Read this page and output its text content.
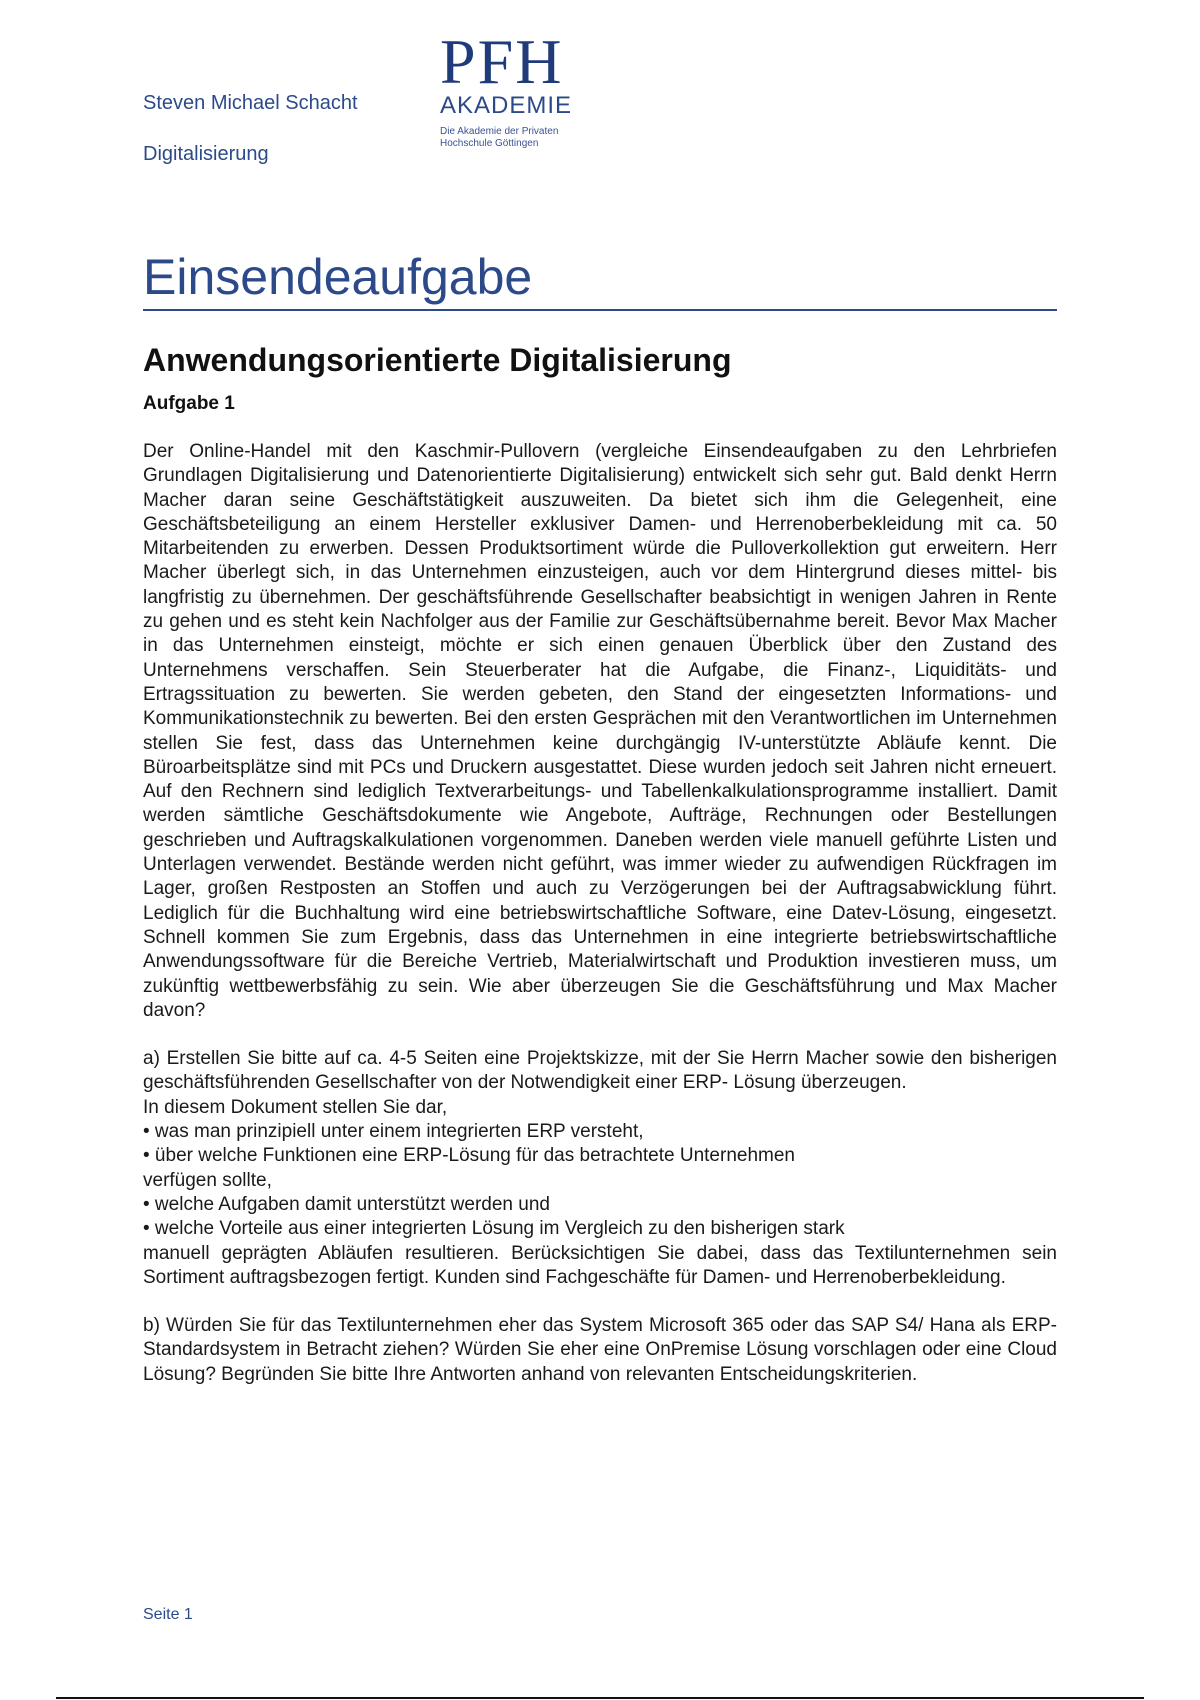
Steven Michael Schacht
Digitalisierung
PFH
AKADEMIE
Die Akademie der Privaten
Hochschule Göttingen
Einsendeaufgabe
Anwendungsorientierte Digitalisierung
Aufgabe 1

Der Online-Handel mit den Kaschmir-Pullovern (vergleiche Einsendeaufgaben zu den Lehrbriefen Grundlagen Digitalisierung und Datenorientierte Digitalisierung) entwickelt sich sehr gut. Bald denkt Herrn Macher daran seine Geschäftstätigkeit auszuweiten. Da bietet sich ihm die Gelegenheit, eine Geschäftsbeteiligung an einem Hersteller exklusiver Damen- und Herrenoberbekleidung mit ca. 50 Mitarbeitenden zu erwerben. Dessen Produktsortiment würde die Pulloverkollektion gut erweitern. Herr Macher überlegt sich, in das Unternehmen einzusteigen, auch vor dem Hintergrund dieses mittel- bis langfristig zu übernehmen. Der geschäftsführende Gesellschafter beabsichtigt in wenigen Jahren in Rente zu gehen und es steht kein Nachfolger aus der Familie zur Geschäftsübernahme bereit. Bevor Max Macher in das Unternehmen einsteigt, möchte er sich einen genauen Überblick über den Zustand des Unternehmens verschaffen. Sein Steuerberater hat die Aufgabe, die Finanz-, Liquiditäts- und Ertragssituation zu bewerten. Sie werden gebeten, den Stand der eingesetzten Informations- und Kommunikationstechnik zu bewerten. Bei den ersten Gesprächen mit den Verantwortlichen im Unternehmen stellen Sie fest, dass das Unternehmen keine durchgängig IV-unterstützte Abläufe kennt. Die Büroarbeitsplätze sind mit PCs und Druckern ausgestattet. Diese wurden jedoch seit Jahren nicht erneuert. Auf den Rechnern sind lediglich Textverarbeitungs- und Tabellenkalkulationsprogramme installiert. Damit werden sämtliche Geschäftsdokumente wie Angebote, Aufträge, Rechnungen oder Bestellungen geschrieben und Auftragskalkulationen vorgenommen. Daneben werden viele manuell geführte Listen und Unterlagen verwendet. Bestände werden nicht geführt, was immer wieder zu aufwendigen Rückfragen im Lager, großen Restposten an Stoffen und auch zu Verzögerungen bei der Auftragsabwicklung führt. Lediglich für die Buchhaltung wird eine betriebswirtschaftliche Software, eine Datev-Lösung, eingesetzt. Schnell kommen Sie zum Ergebnis, dass das Unternehmen in eine integrierte betriebswirtschaftliche Anwendungssoftware für die Bereiche Vertrieb, Materialwirtschaft und Produktion investieren muss, um zukünftig wettbewerbsfähig zu sein. Wie aber überzeugen Sie die Geschäftsführung und Max Macher davon?

a) Erstellen Sie bitte auf ca. 4-5 Seiten eine Projektskizze, mit der Sie Herrn Macher sowie den bisherigen geschäftsführenden Gesellschafter von der Notwendigkeit einer ERP- Lösung überzeugen.

In diesem Dokument stellen Sie dar,

• was man prinzipiell unter einem integrierten ERP versteht,

• über welche Funktionen eine ERP-Lösung für das betrachtete Unternehmen

verfügen sollte,

• welche Aufgaben damit unterstützt werden und

• welche Vorteile aus einer integrierten Lösung im Vergleich zu den bisherigen stark

manuell geprägten Abläufen resultieren. Berücksichtigen Sie dabei, dass das Textilunternehmen sein Sortiment auftragsbezogen fertigt. Kunden sind Fachgeschäfte für Damen- und Herrenoberbekleidung.

b) Würden Sie für das Textilunternehmen eher das System Microsoft 365 oder das SAP S4/ Hana als ERP-Standardsystem in Betracht ziehen? Würden Sie eher eine OnPremise Lösung vorschlagen oder eine Cloud Lösung? Begründen Sie bitte Ihre Antworten anhand von relevanten Entscheidungskriterien.

Seite 1
